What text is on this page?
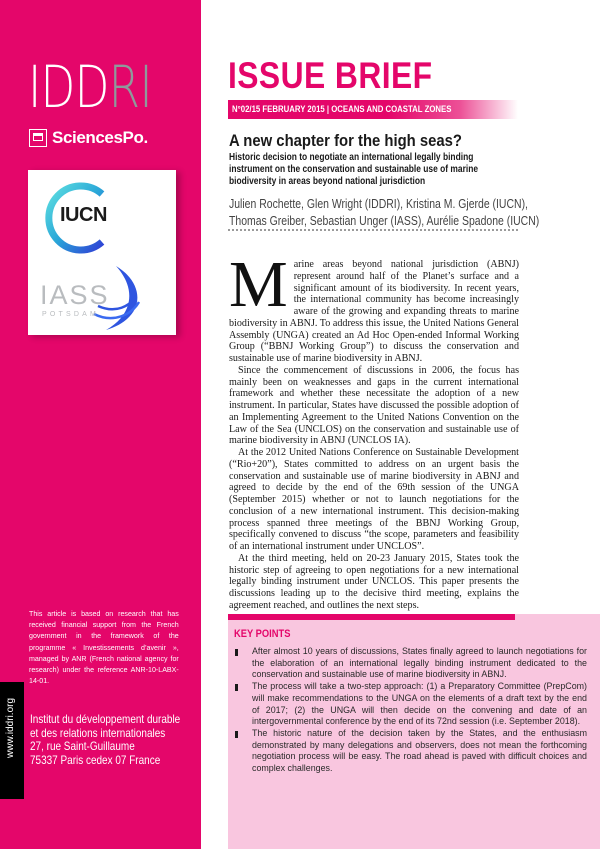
IDDRI
SciencesPo.
IUCN
IASS
POTSDAM
This article is based on research that has received financial support from the French government in the framework of the programme « Investissements d’avenir », managed by ANR (French national agency for research) under the reference ANR-10-LABX-14-01.
www.iddri.org Institut du développement durable
et des relations internationales
27, rue Saint-Guillaume
75337 Paris cedex 07 France
ISSUE BRIEF
N°02/15 FEBRUARY 2015 | OCEANS AND COASTAL ZONES
A new chapter for the high seas?
Historic decision to negotiate an international legally binding
instrument on the conservation and sustainable use of marine
biodiversity in areas beyond national jurisdiction
Julien Rochette, Glen Wright (IDDRI), Kristina M. Gjerde (IUCN),
Thomas Greiber, Sebastian Unger (IASS), Aurélie Spadone (IUCN)

Marine areas beyond national jurisdiction (ABNJ) represent around half of the Planet’s surface and a significant amount of its biodiversity. In recent years, the international community has become increasingly aware of the growing and expanding threats to marine biodiversity in ABNJ. To address this issue, the United Nations General Assembly (UNGA) created an Ad Hoc Open-ended Informal Working Group (“BBNJ Working Group”) to discuss the conservation and sustainable use of marine biodiversity in ABNJ.

Since the commencement of discussions in 2006, the focus has mainly been on weaknesses and gaps in the current international framework and whether these necessitate the adoption of a new instrument. In particular, States have discussed the possible adoption of an Implementing Agreement to the United Nations Convention on the Law of the Sea (UNCLOS) on the conservation and sustainable use of marine biodiversity in ABNJ (UNCLOS IA).

At the 2012 United Nations Conference on Sustainable Development (“Rio+20”), States committed to address on an urgent basis the conservation and sustainable use of marine biodiversity in ABNJ and agreed to decide by the end of the 69th session of the UNGA (September 2015) whether or not to launch negotiations for the conclusion of a new international instrument. This decision-making process spanned three meetings of the BBNJ Working Group, specifically convened to discuss “the scope, parameters and feasibility of an international instrument under UNCLOS”.

At the third meeting, held on 20-23 January 2015, States took the historic step of agreeing to open negotiations for a new international legally binding instrument under UNCLOS. This paper presents the discussions leading up to the decisive third meeting, explains the agreement reached, and outlines the next steps.

KEY POINTS
After almost 10 years of discussions, States finally agreed to launch negotiations for the elaboration of an international legally binding instrument dedicated to the conservation and sustainable use of marine biodiversity in ABNJ.
The process will take a two-step approach: (1) a Preparatory Committee (PrepCom) will make recommendations to the UNGA on the elements of a draft text by the end of 2017; (2) the UNGA will then decide on the convening and date of an intergovernmental conference by the end of its 72nd session (i.e. September 2018).
The historic nature of the decision taken by the States, and the enthusiasm demonstrated by many delegations and observers, does not mean the forthcoming negotiation process will be easy. The road ahead is paved with difficult choices and complex challenges.
